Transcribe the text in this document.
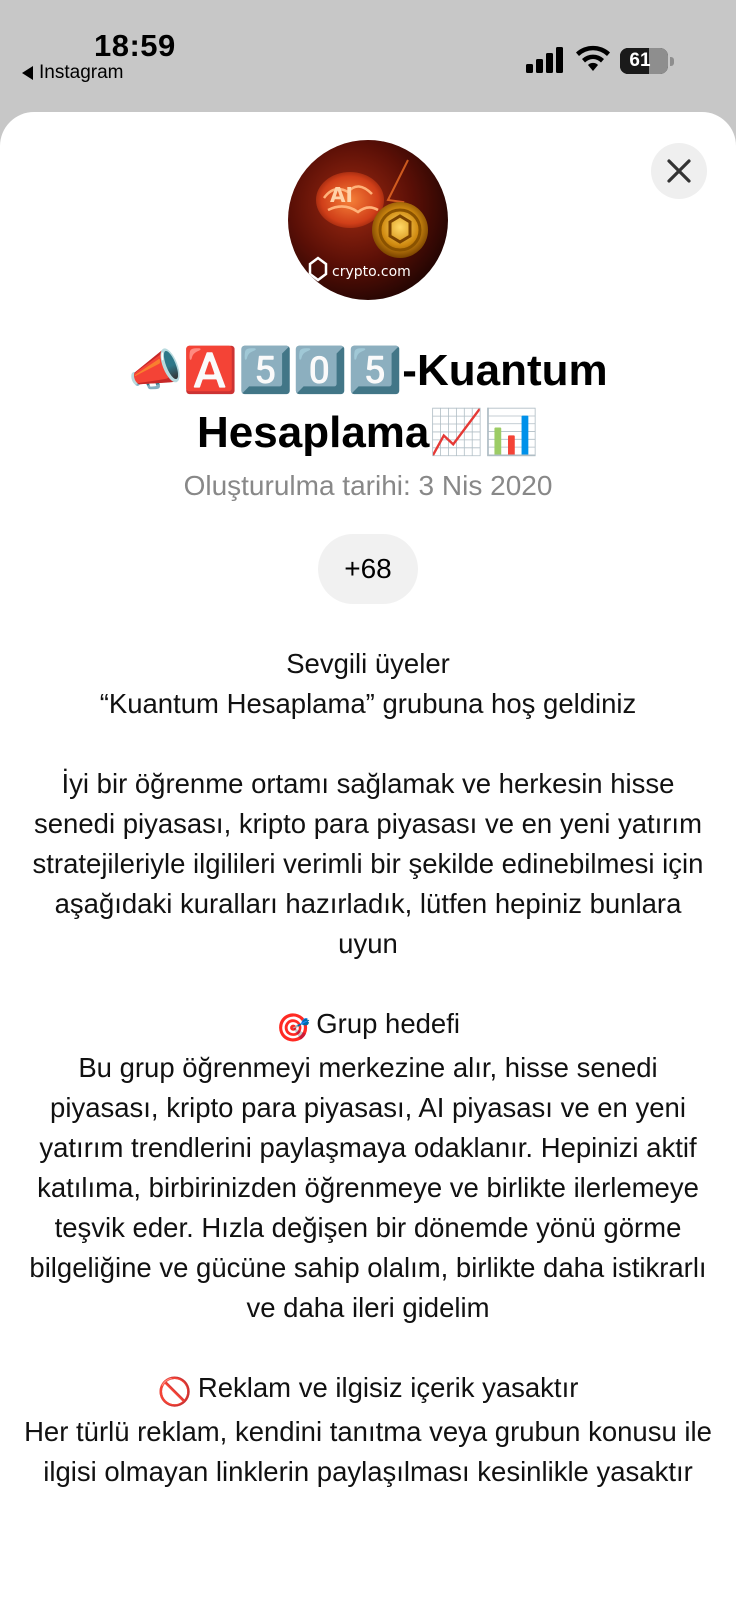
18:59
Instagram
61
AI
crypto.com
📣🅰️5️⃣0️⃣5️⃣-Kuantum
Hesaplama📈📊
Oluşturulma tarihi: 3 Nis 2020
+68

Sevgili üyeler
“Kuantum Hesaplama” grubuna hoş geldiniz

İyi bir öğrenme ortamı sağlamak ve herkesin hisse senedi piyasası, kripto para piyasası ve en yeni yatırım stratejileriyle ilgilileri verimli bir şekilde edinebilmesi için aşağıdaki kuralları hazırladık, lütfen hepiniz bunlara uyun

🎯 Grup hedefi
Bu grup öğrenmeyi merkezine alır, hisse senedi piyasası, kripto para piyasası, AI piyasası ve en yeni yatırım trendlerini paylaşmaya odaklanır. Hepinizi aktif katılıma, birbirinizden öğrenmeye ve birlikte ilerlemeye teşvik eder. Hızla değişen bir dönemde yönü görme bilgeliğine ve gücüne sahip olalım, birlikte daha istikrarlı ve daha ileri gidelim

🚫 Reklam ve ilgisiz içerik yasaktır
Her türlü reklam, kendini tanıtma veya grubun konusu ile ilgisi olmayan linklerin paylaşılması kesinlikle yasaktır
